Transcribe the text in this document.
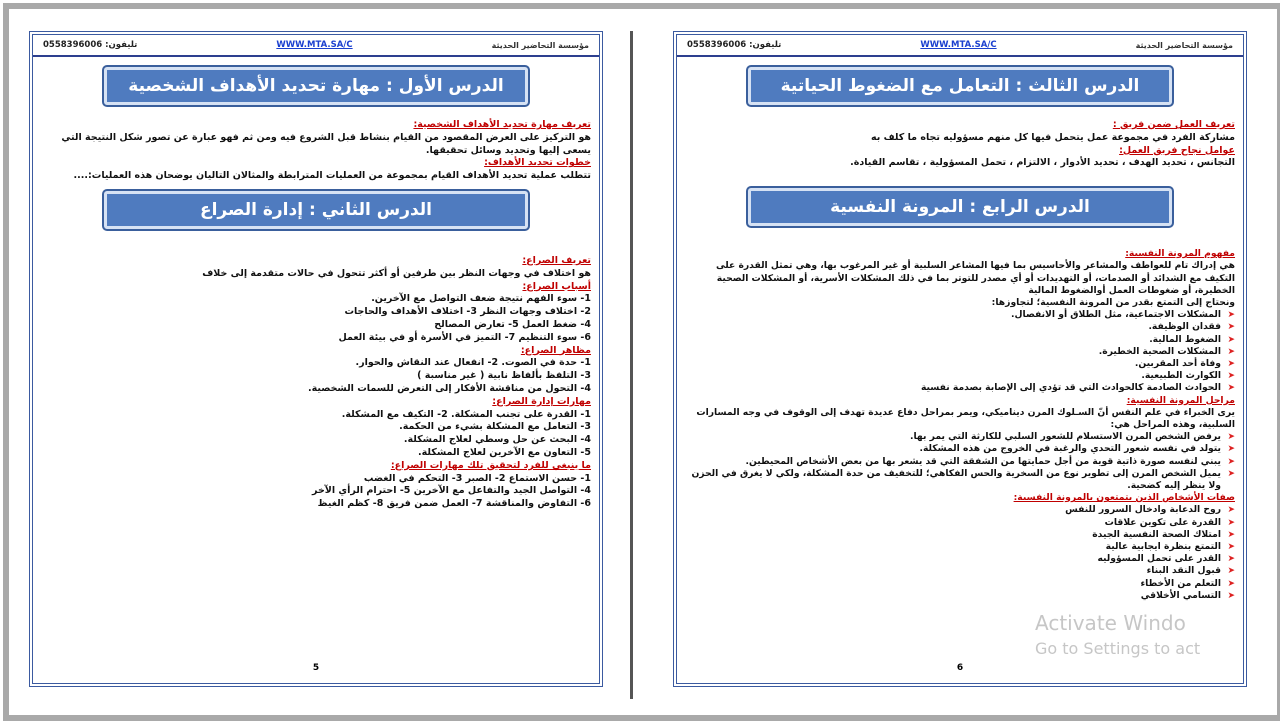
مؤسسة التحاضير الحديثة
WWW.MTA.SA/C
تليفون: 0558396006
الدرس الأول : مهارة تحديد الأهداف الشخصية
تعريف مهارة تحديد الأهداف الشخصية:
هو التركيز على العرض المقصود من القيام بنشاط قبل الشروع فيه ومن ثم فهو عبارة عن تصور شكل النتيجة التي يسعى إليها وتحديد وسائل تحقيقها.
خطوات تحديد الأهداف:
تتطلب عملية تحديد الأهداف القيام بمجموعة من العمليات المترابطة والمثالان التاليان يوضحان هذه العمليات:....
الدرس الثاني : إدارة الصراع
تعريف الصراع:
هو اختلاف في وجهات النظر بين طرفين أو أكثر تتحول في حالات متقدمة إلى خلاف
أسباب الصراع:
1- سوء الفهم نتيجة ضعف التواصل مع الآخرين.
2- اختلاف وجهات النظر 3- اختلاف الأهداف والحاجات
4- ضغط العمل 5- تعارض المصالح
6- سوء التنظيم 7- التميز في الأسرة أو في بيئة العمل
مظاهر الصراع:
1- حدة في الصوت. 2- انفعال عند النقاش والحوار.
3- التلفظ بألفاظ نابية ( غير مناسبة )
4- التحول من مناقشة الأفكار إلى التعرض للسمات الشخصية.
مهارات إدارة الصراع:
1- القدرة على تجنب المشكلة. 2- التكيف مع المشكلة.
3- التعامل مع المشكلة بشيء من الحكمة.
4- البحث عن حل وسطي لعلاج المشكلة.
5- التعاون مع الآخرين لعلاج المشكلة.
ما ينبغي للفرد لتحقيق تلك مهارات الصراع:
1- حسن الاستماع 2- الصبر 3- التحكم في الغضب
4- التواصل الجيد والتفاعل مع الآخرين 5- احترام الرأي الآخر
6- التفاوض والمناقشة 7- العمل ضمن فريق 8- كظم الغيظ
5
مؤسسة التحاضير الحديثة
WWW.MTA.SA/C
تليفون: 0558396006
الدرس الثالث : التعامل مع الضغوط الحياتية
تعريف العمل ضمن فريق :
مشاركة الفرد في مجموعة عمل يتحمل فيها كل منهم مسؤوليه تجاه ما كلف به
عوامل نجاح فريق العمل:
التجانس ، تحديد الهدف ، تحديد الأدوار ، الالتزام ، تحمل المسؤولية ، تقاسم القيادة.
الدرس الرابع : المرونة النفسية
مفهوم المرونة النفسية:
هي إدراك تام للعواطف والمشاعر والأحاسيس بما فيها المشاعر السلبية أو غير المرغوب بها، وهي تمثل القدرة على التكيف مع الشدائد أو الصدمات، أو التهديدات أو أي مصدر للتوتر بما في ذلك المشكلات الأسرية، أو المشكلات الصحية الخطيرة، أو ضغوطات العمل أوالضغوط المالية
ونحتاج إلى التمتع بقدر من المرونة النفسية؛ لتجاوزها:
➤ المشكلات الاجتماعية، مثل الطلاق أو الانفصال.
➤ فقدان الوظيفة.
➤ الضغوط المالية.
➤ المشكلات الصحية الخطيرة.
➤ وفاة أحد المقربين.
➤ الكوارث الطبيعية.
➤ الحوادث الصادمة كالحوادث التي قد تؤدي إلى الإصابة بصدمة نفسية
مراحل المرونة النفسية:
يرى الخبراء في علم النفس أنّ السـلوك المرن ديناميكي، ويمر بمراحل دفاع عديدة تهدف إلى الوقوف في وجه المسارات السلبية، وهذه المراحل هي:
➤ يرفض الشخص المرن الاستسلام للشعور السلبي للكارثة التي يمر بها.
➤ يتولد في نفسه شعور التحدي والرغبة في الخروج من هذه المشكلة.
➤ يبني لنفسه صورة ذاتية قوية من أجل حمايتها من الشفقة التي قد يشعر بها من بعض الأشخاص المحيطين.
➤ يميل الشخص المرن إلى تطوير نوع من السخرية والحس الفكاهي؛ للتخفيف من حدة المشكلة، ولكي لا يغرق في الحزن ولا ينظر إليه كضحية.
صفات الأشخاص الذين يتمتعون بالمرونة النفسية:
➤ روح الدعابة وادخال السرور للنفس
➤ القدرة على تكوين علاقات
➤ امتلاك الصحة النفسية الجيدة
➤ التمتع بنظرة ايجابية عالية
➤ القدر على تحمل المسؤوليه
➤ قبول النقد البناء
➤ التعلم من الأخطاء
➤ التسامي الأخلاقي
6
Activate Windo
Go to Settings to act
